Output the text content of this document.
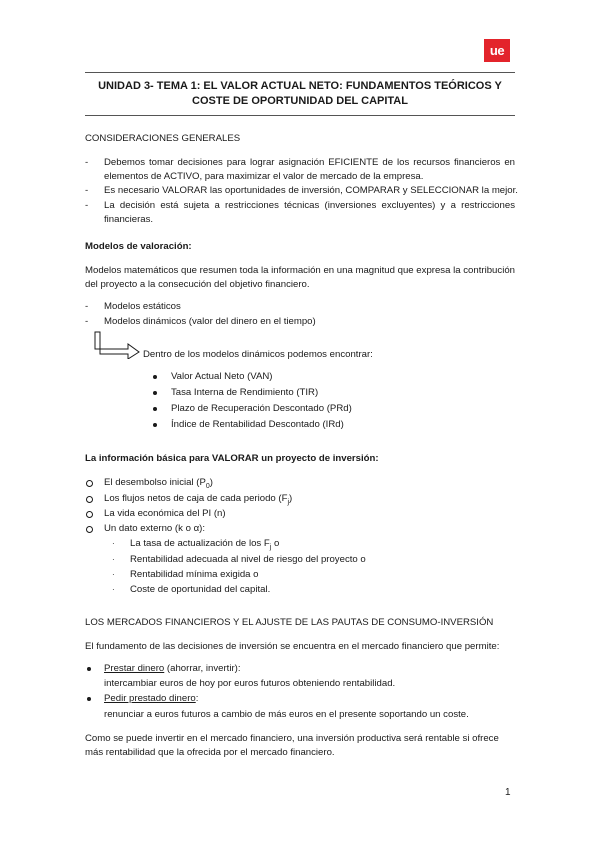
ue
UNIDAD 3- TEMA 1: EL VALOR ACTUAL NETO: FUNDAMENTOS TEÓRICOS Y COSTE DE OPORTUNIDAD DEL CAPITAL
CONSIDERACIONES GENERALES
- Debemos tomar decisiones para lograr asignación EFICIENTE de los recursos financieros en elementos de ACTIVO, para maximizar el valor de mercado de la empresa.
- Es necesario VALORAR las oportunidades de inversión, COMPARAR y SELECCIONAR la mejor.
- La decisión está sujeta a restricciones técnicas (inversiones excluyentes) y a restricciones financieras.
Modelos de valoración:
Modelos matemáticos que resumen toda la información en una magnitud que expresa la contribución del proyecto a la consecución del objetivo financiero.
- Modelos estáticos
- Modelos dinámicos (valor del dinero en el tiempo)
Dentro de los modelos dinámicos podemos encontrar:
Valor Actual Neto (VAN)
Tasa Interna de Rendimiento (TIR)
Plazo de Recuperación Descontado (PRd)
Índice de Rentabilidad Descontado (IRd)
La información básica para VALORAR un proyecto de inversión:
El desembolso inicial $(P_0)$
Los flujos netos de caja de cada periodo $(F_j)$
La vida económica del PI (n)
Un dato externo (k o α):
· La tasa de actualización de los $F_j$ o
· Rentabilidad adecuada al nivel de riesgo del proyecto o
· Rentabilidad mínima exigida o
· Coste de oportunidad del capital.
LOS MERCADOS FINANCIEROS Y EL AJUSTE DE LAS PAUTAS DE CONSUMO-INVERSIÓN
El fundamento de las decisiones de inversión se encuentra en el mercado financiero que permite:
Prestar dinero (ahorrar, invertir):
intercambiar euros de hoy por euros futuros obteniendo rentabilidad.
Pedir prestado dinero:
renunciar a euros futuros a cambio de más euros en el presente soportando un coste.
Como se puede invertir en el mercado financiero, una inversión productiva será rentable si ofrece más rentabilidad que la ofrecida por el mercado financiero.
1
